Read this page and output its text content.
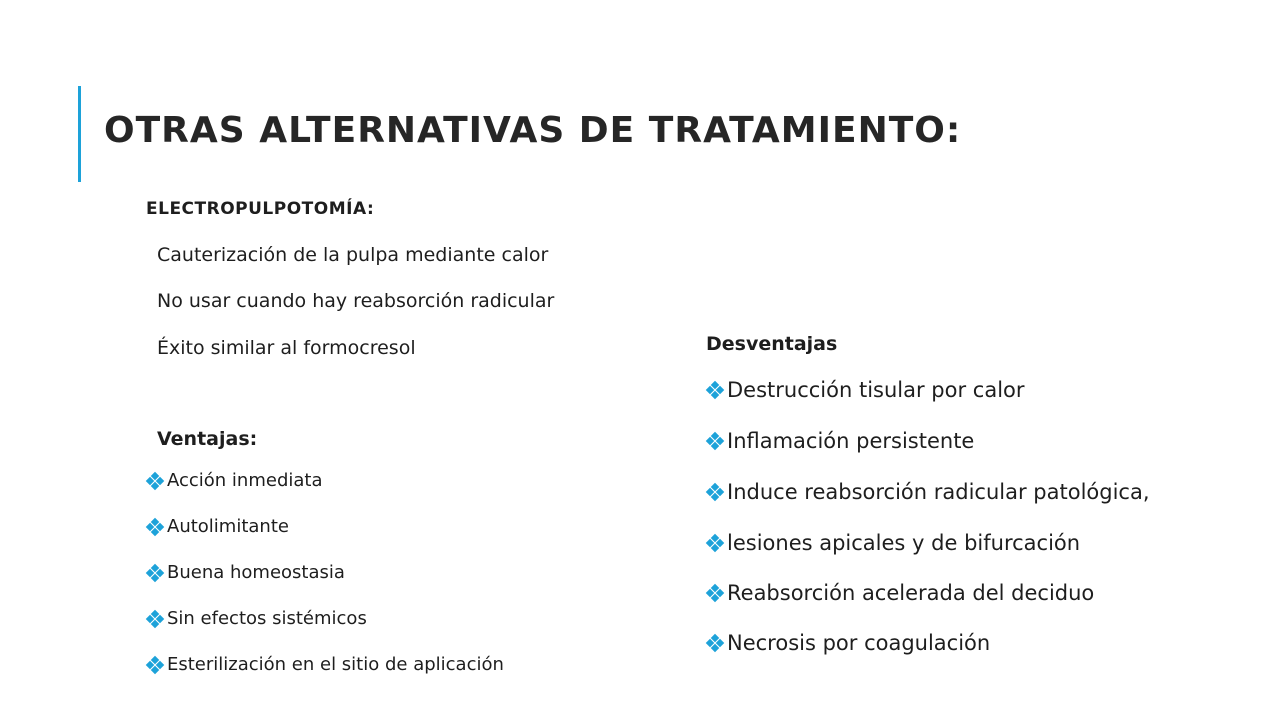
OTRAS ALTERNATIVAS DE TRATAMIENTO:

ELECTROPULPOTOMÍA:

Cauterización de la pulpa mediante calor

No usar cuando hay reabsorción radicular

Éxito similar al formocresol

Ventajas:

Acción inmediata
Autolimitante
Buena homeostasia
Sin efectos sistémicos
Esterilización en el sitio de aplicación

Desventajas

Destrucción tisular por calor
Inflamación persistente
Induce reabsorción radicular patológica,
lesiones apicales y de bifurcación
Reabsorción acelerada del deciduo
Necrosis por coagulación
